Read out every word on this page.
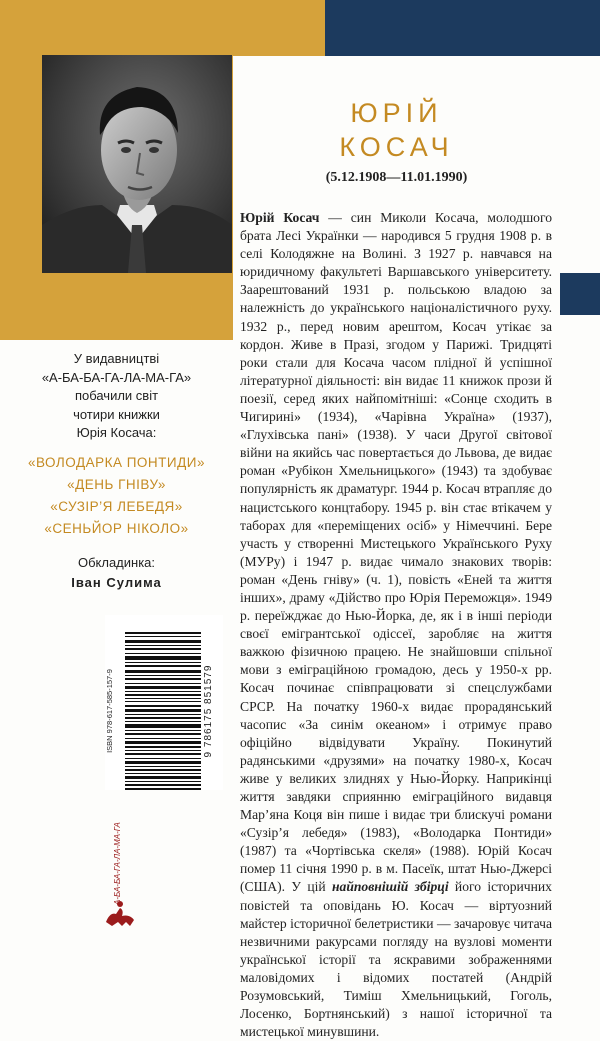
ЮРІЙ
КОСАЧ
(5.12.1908—11.01.1990)

Юрій Косач — син Миколи Косача, молодшого брата Лесі Українки — народився 5 грудня 1908 р. в селі Колодяжне на Волині. З 1927 р. навчався на юридичному факультеті Варшавського університету. Заарештований 1931 р. польською владою за належність до українського націоналістичного руху. 1932 р., перед новим арештом, Косач утікає за кордон. Живе в Празі, згодом у Парижі. Тридцяті роки стали для Косача часом плідної й успішної літературної діяльності: він видає 11 книжок прози й поезії, серед яких найпомітніші: «Сонце сходить в Чигирині» (1934), «Чарівна Україна» (1937), «Глухівська пані» (1938). У часи Другої світової війни на якийсь час повертається до Львова, де видає роман «Рубікон Хмельницького» (1943) та здобуває популярність як драматург. 1944 р. Косач втрапляє до нацистського концтабору. 1945 р. він стає втікачем у таборах для «переміщених осіб» у Німеччині. Бере участь у створенні Мистецького Українського Руху (МУРу) і 1947 р. видає чимало знакових творів: роман «День гніву» (ч. 1), повість «Еней та життя інших», драму «Дійство про Юрія Переможця». 1949 р. переїжджає до Нью-Йорка, де, як і в інші періоди своєї емігрантської одіссеї, заробляє на життя важкою фізичною працею. Не знайшовши спільної мови з еміграційною громадою, десь у 1950-х рр. Косач починає співпрацювати зі спецслужбами СРСР. На початку 1960-х видає прорадянський часопис «За синім океаном» і отримує право офіційно відвідувати Україну. Покинутий радянськими «друзями» на початку 1980-х, Косач живе у великих злиднях у Нью-Йорку. Наприкінці життя завдяки сприянню еміграційного видавця Мар’яна Коця він пише і видає три блискучі романи «Сузір’я лебедя» (1983), «Володарка Понтиди» (1987) та «Чортівська скеля» (1988). Юрій Косач помер 11 січня 1990 р. в м. Пасеїк, штат Нью-Джерсі (США). У цій найповнішій збірці його історичних повістей та оповідань Ю. Косач — віртуозний майстер історичної белетристики — зачаровує читача незвичними ракурсами погляду на вузлові моменти української історії та яскравими зображеннями маловідомих і відомих постатей (Андрій Розумовський, Тиміш Хмельницький, Гоголь, Лосенко, Бортнянський) з нашої історичної та мистецької минувшини.

У видавництві
«А-БА-БА-ГА-ЛА-МА-ГА»
побачили світ
чотири книжки
Юрія Косача:
«ВОЛОДАРКА ПОНТИДИ»
«ДЕНЬ ГНІВУ»
«СУЗІР’Я ЛЕБЕДЯ»
«СЕНЬЙОР НІКОЛО»
Обкладинка:
Іван Сулима
ISBN 978-617-585-157-9	9 786175 851579
А-БА-БА-ГА-ЛА-МА-ГА
